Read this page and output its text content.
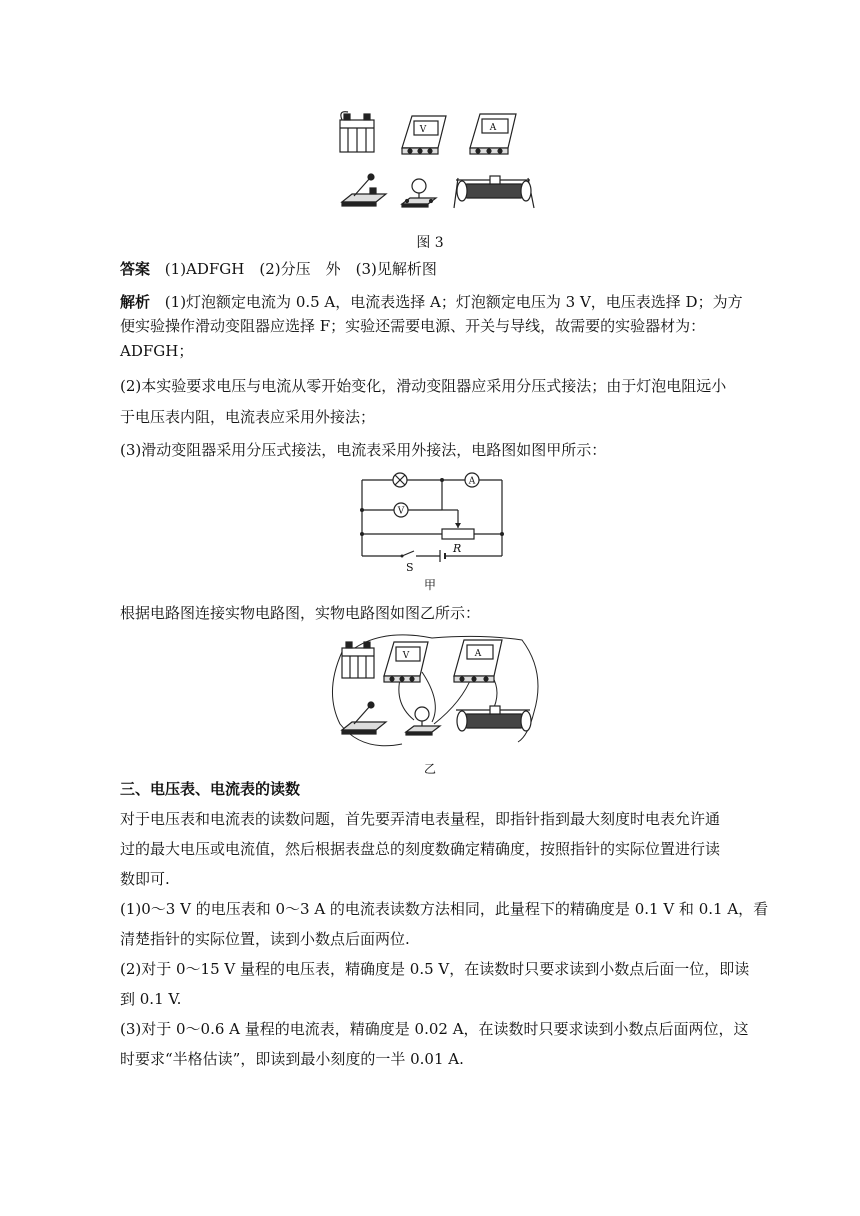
V	A
图 3
答案 (1)ADFGH　(2)分压　外　(3)见解析图
解析 (1)灯泡额定电流为 0.5 A，电流表选择 A；灯泡额定电压为 3 V，电压表选择 D；为方
便实验操作滑动变阻器应选择 F；实验还需要电源、开关与导线，故需要的实验器材为：
ADFGH；
(2)本实验要求电压与电流从零开始变化，滑动变阻器应采用分压式接法；由于灯泡电阻远小
于电压表内阻，电流表应采用外接法；
(3)滑动变阻器采用分压式接法，电流表采用外接法，电路图如图甲所示：
A
V
R
S
甲
根据电路图连接实物电路图，实物电路图如图乙所示：
V	A
乙
三、电压表、电流表的读数
对于电压表和电流表的读数问题，首先要弄清电表量程，即指针指到最大刻度时电表允许通
过的最大电压或电流值，然后根据表盘总的刻度数确定精确度，按照指针的实际位置进行读
数即可.
(1)0～3 V 的电压表和 0～3 A 的电流表读数方法相同，此量程下的精确度是 0.1 V 和 0.1 A，看
清楚指针的实际位置，读到小数点后面两位.
(2)对于 0～15 V 量程的电压表，精确度是 0.5 V，在读数时只要求读到小数点后面一位，即读
到 0.1 V.
(3)对于 0～0.6 A 量程的电流表，精确度是 0.02 A，在读数时只要求读到小数点后面两位，这
时要求“半格估读”，即读到最小刻度的一半 0.01 A.
